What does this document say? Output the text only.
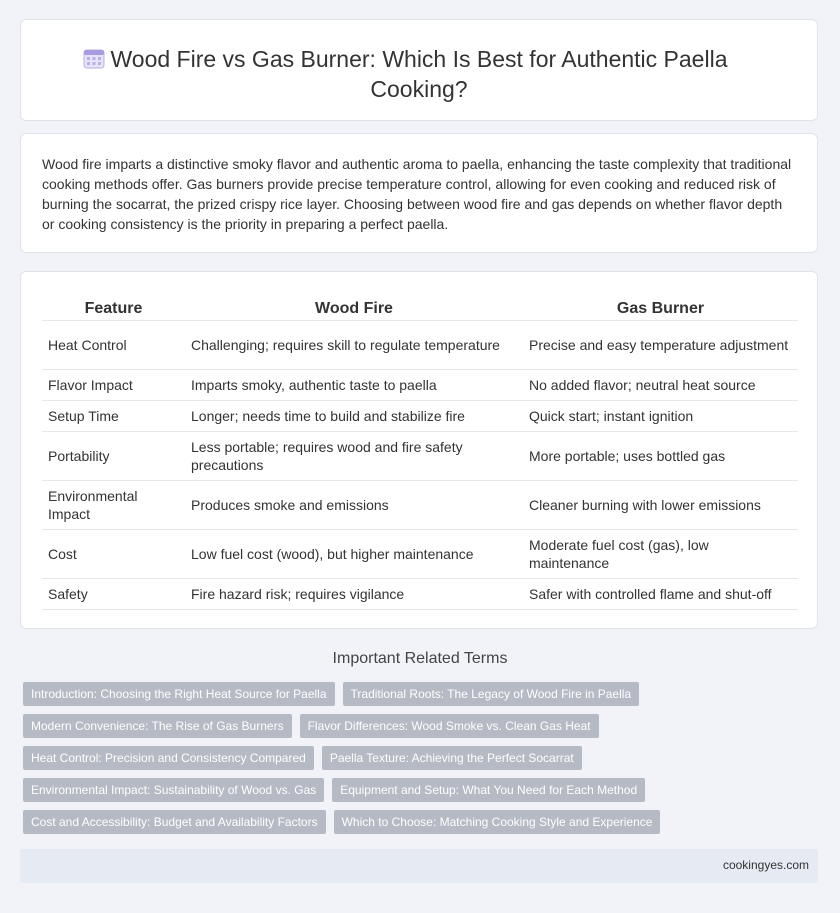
Wood Fire vs Gas Burner: Which Is Best for Authentic Paella Cooking?

Wood fire imparts a distinctive smoky flavor and authentic aroma to paella, enhancing the taste complexity that traditional cooking methods offer. Gas burners provide precise temperature control, allowing for even cooking and reduced risk of burning the socarrat, the prized crispy rice layer. Choosing between wood fire and gas depends on whether flavor depth or cooking consistency is the priority in preparing a perfect paella.

Feature	Wood Fire	Gas Burner
Heat Control	Challenging; requires skill to regulate temperature	Precise and easy temperature adjustment
Flavor Impact	Imparts smoky, authentic taste to paella	No added flavor; neutral heat source
Setup Time	Longer; needs time to build and stabilize fire	Quick start; instant ignition
Portability	Less portable; requires wood and fire safety precautions	More portable; uses bottled gas
Environmental Impact	Produces smoke and emissions	Cleaner burning with lower emissions
Cost	Low fuel cost (wood), but higher maintenance	Moderate fuel cost (gas), low maintenance
Safety	Fire hazard risk; requires vigilance	Safer with controlled flame and shut-off
Important Related Terms
Introduction: Choosing the Right Heat Source for Paella	Traditional Roots: The Legacy of Wood Fire in Paella
Modern Convenience: The Rise of Gas Burners	Flavor Differences: Wood Smoke vs. Clean Gas Heat
Heat Control: Precision and Consistency Compared	Paella Texture: Achieving the Perfect Socarrat
Environmental Impact: Sustainability of Wood vs. Gas	Equipment and Setup: What You Need for Each Method
Cost and Accessibility: Budget and Availability Factors	Which to Choose: Matching Cooking Style and Experience
cookingyes.com
